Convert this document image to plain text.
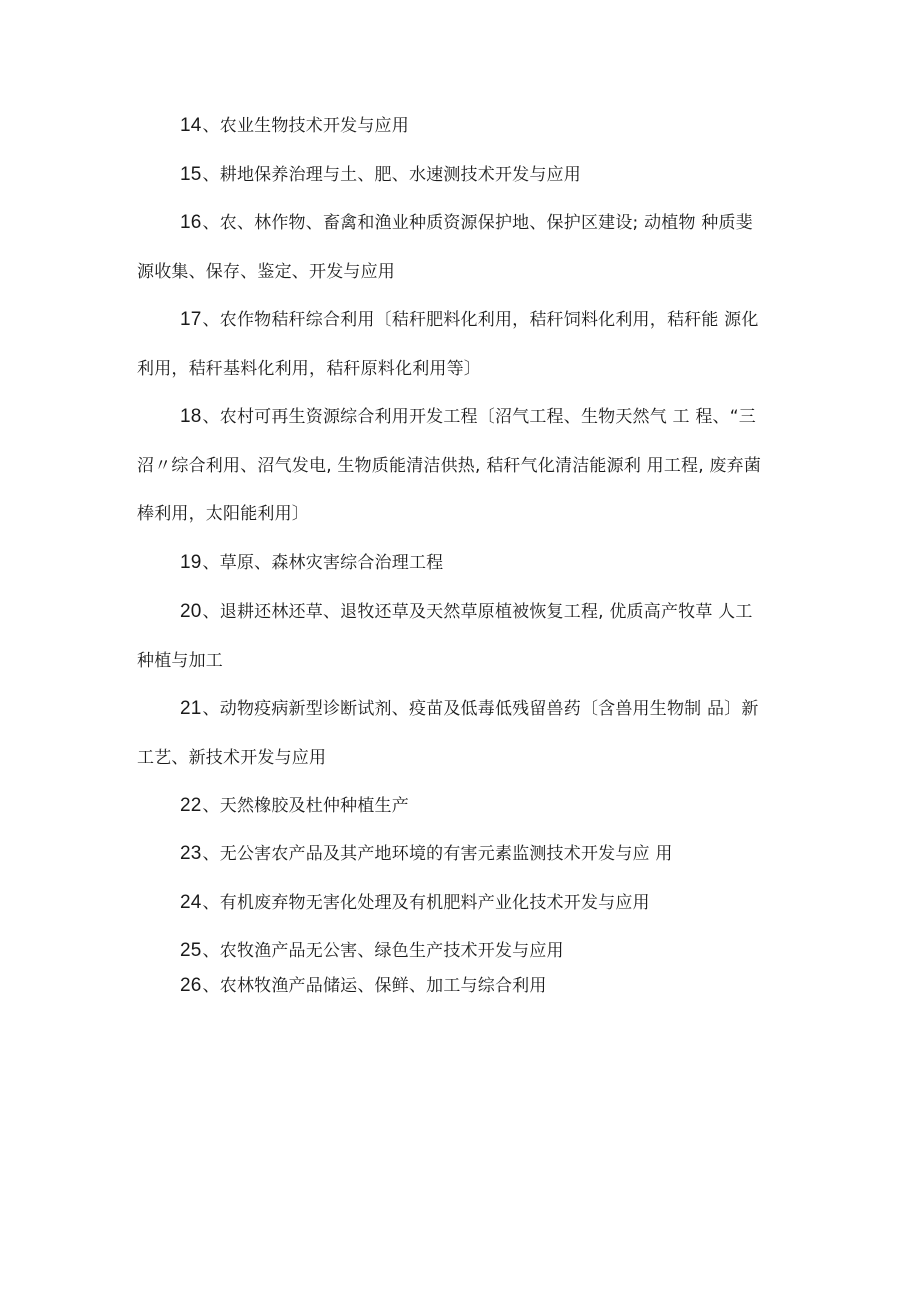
14、农业生物技术开发与应用
15、耕地保养治理与土、肥、水速测技术开发与应用
16、农、林作物、畜禽和渔业种质资源保护地、保护区建设; 动植物 种质斐
源收集、保存、鉴定、开发与应用
17、农作物秸秆综合利用〔秸秆肥料化利用，秸秆饲料化利用，秸秆能 源化
利用，秸秆基料化利用，秸秆原料化利用等〕
18、农村可再生资源综合利用开发工程〔沼气工程、生物天然气 工 程、“三
沼〃综合利用、沼气发电, 生物质能清洁供热, 秸秆气化清洁能源利 用工程, 废弃菌
棒利用，太阳能利用〕
19、草原、森林灾害综合治理工程
20、退耕还林还草、退牧还草及天然草原植被恢复工程, 优质高产牧草 人工
种植与加工
21、动物疫病新型诊断试剂、疫苗及低毒低残留兽药〔含兽用生物制 品〕新
工艺、新技术开发与应用
22、天然橡胶及杜仲种植生产
23、无公害农产品及其产地环境的有害元素监测技术开发与应 用
24、有机废弃物无害化处理及有机肥料产业化技术开发与应用
25、农牧渔产品无公害、绿色生产技术开发与应用
26、农林牧渔产品储运、保鲜、加工与综合利用
